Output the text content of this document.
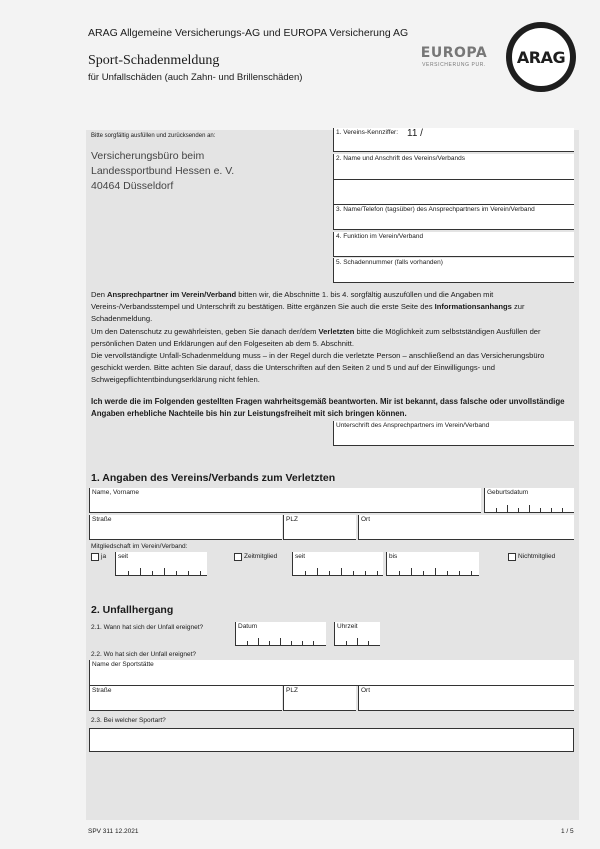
ARAG Allgemeine Versicherungs-AG und EUROPA Versicherung AG
Sport-Schadenmeldung
für Unfallschäden (auch Zahn- und Brillenschäden)
EUROPA
VERSICHERUNG PUR.	ARAG
Bitte sorgfältig ausfüllen und zurücksenden an:
Versicherungsbüro beim
Landessportbund Hessen e. V.
40464 Düsseldorf
1. Vereins-Kennziffer: 11 /
2. Name und Anschrift des Vereins/Verbands
3. Name/Telefon (tagsüber) des Ansprechpartners im Verein/Verband
4. Funktion im Verein/Verband
5. Schadennummer (falls vorhanden)
Den Ansprechpartner im Verein/Verband bitten wir, die Abschnitte 1. bis 4. sorgfältig auszufüllen und die Angaben mit Vereins-/Verbandsstempel und Unterschrift zu bestätigen. Bitte ergänzen Sie auch die erste Seite des Informationsanhangs zur Schadenmeldung.
Um den Datenschutz zu gewährleisten, geben Sie danach der/dem Verletzten bitte die Möglichkeit zum selbstständigen Ausfüllen der persönlichen Daten und Erklärungen auf den Folgeseiten ab dem 5. Abschnitt.
Die vervollständigte Unfall-Schadenmeldung muss – in der Regel durch die verletzte Person – anschließend an das Versicherungsbüro geschickt werden. Bitte achten Sie darauf, dass die Unterschriften auf den Seiten 2 und 5 und auf der Einwilligungs- und Schweigepflichtentbindungserklärung nicht fehlen.
Ich werde die im Folgenden gestellten Fragen wahrheitsgemäß beantworten. Mir ist bekannt, dass falsche oder unvollständige Angaben erhebliche Nachteile bis hin zur Leistungsfreiheit mit sich bringen können.
Unterschrift des Ansprechpartners im Verein/Verband
1. Angaben des Vereins/Verbands zum Verletzten
Name, Vorname	Geburtsdatum
Straße	PLZ	Ort
Mitgliedschaft im Verein/Verband:
ja seit	Zeitmitglied	seit	bis	Nichtmitglied
2. Unfallhergang
2.1. Wann hat sich der Unfall ereignet?	Datum	Uhrzeit
2.2. Wo hat sich der Unfall ereignet?
Name der Sportstätte
Straße	PLZ	Ort
2.3. Bei welcher Sportart?
SPV 311 12.2021	1 / 5
